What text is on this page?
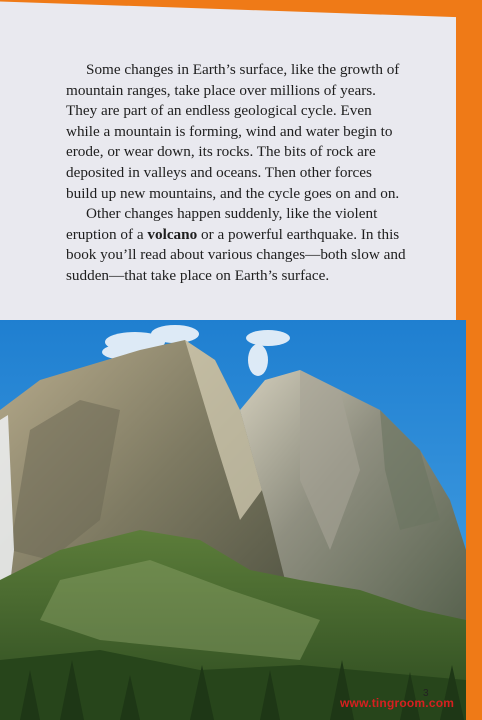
Some changes in Earth’s surface, like the growth of mountain ranges, take place over millions of years. They are part of an endless geological cycle. Even while a mountain is forming, wind and water begin to erode, or wear down, its rocks. The bits of rock are deposited in valleys and oceans. Then other forces build up new mountains, and the cycle goes on and on.

Other changes happen suddenly, like the violent eruption of a volcano or a powerful earthquake. In this book you’ll read about various changes—both slow and sudden—that take place on Earth’s surface.

3
www.tingroom.com
